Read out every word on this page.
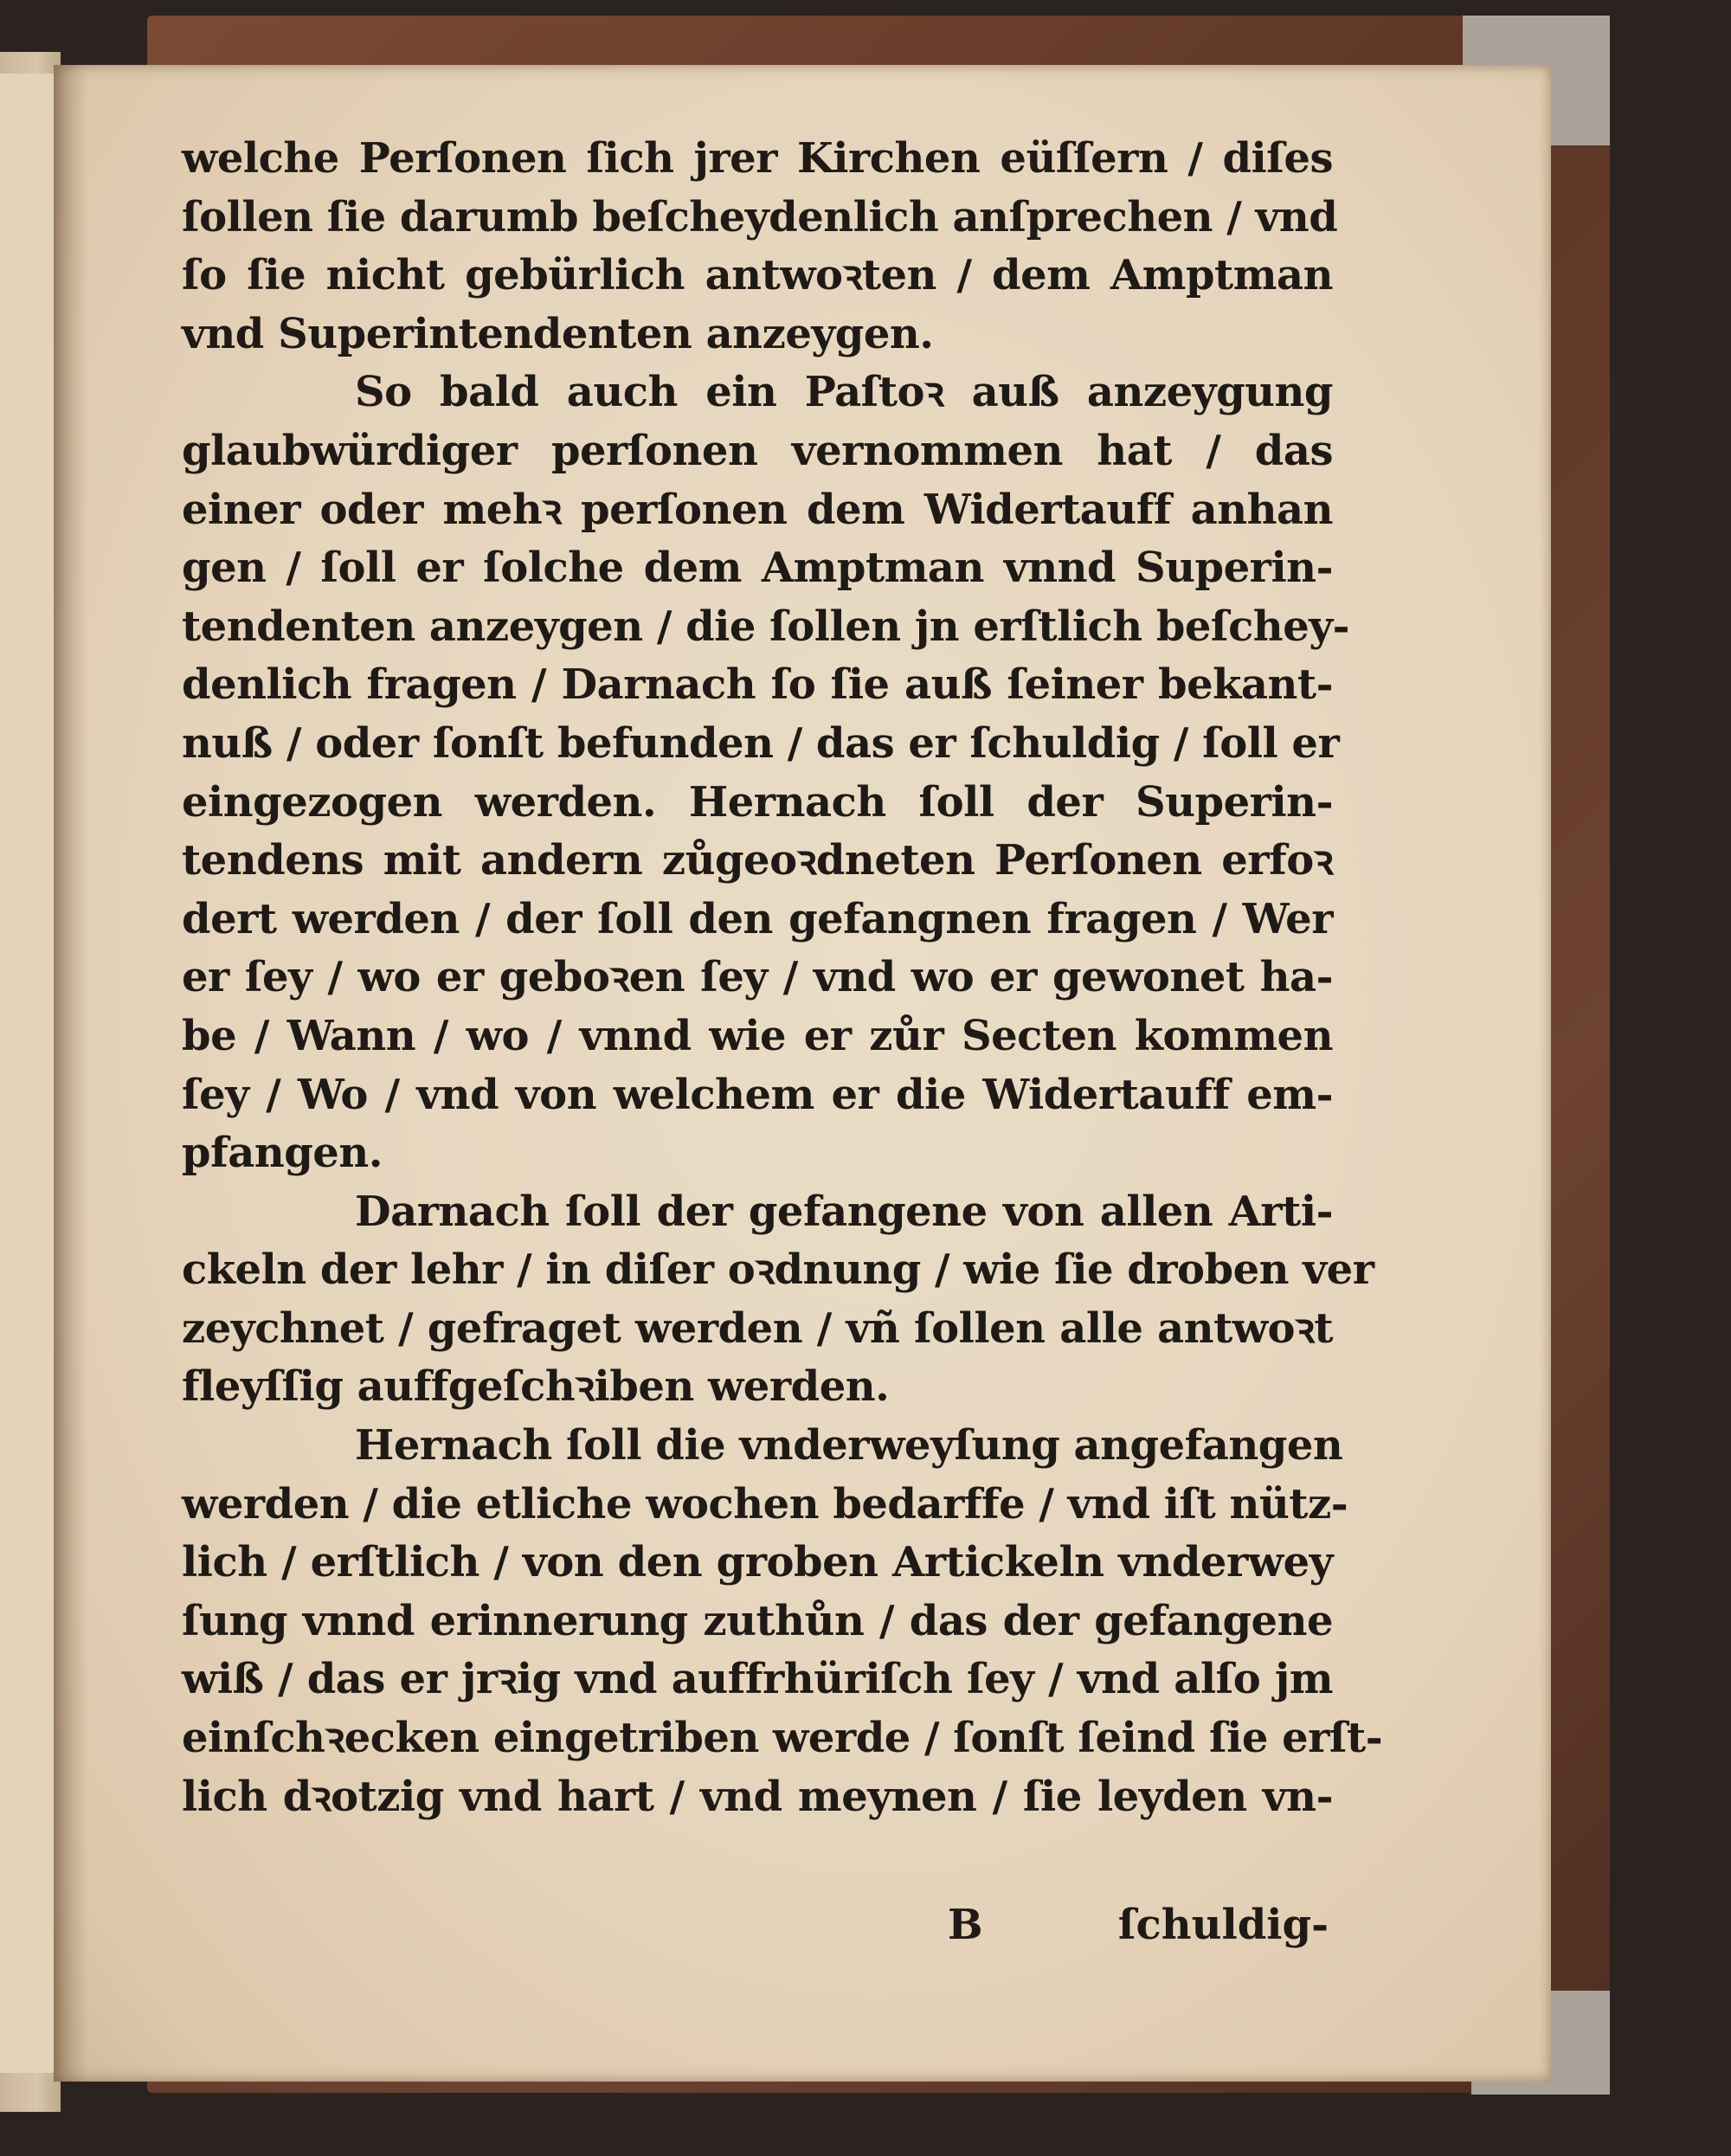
welche Perſonen ſich jrer Kirchen eüſſern / diſes
ſollen ſie darumb beſcheydenlich anſprechen / vnd
ſo ſie nicht gebürlich antwoꝛten / dem Amptman
vnd Superintendenten anzeygen.
So bald auch ein Paſtoꝛ auß anzeygung
glaubwürdiger perſonen vernommen hat / das
einer oder mehꝛ perſonen dem Widertauff anhan
gen / ſoll er ſolche dem Amptman vnnd Superin-
tendenten anzeygen / die ſollen jn erſtlich beſchey-
denlich fragen / Darnach ſo ſie auß ſeiner bekant-
nuß / oder ſonſt befunden / das er ſchuldig / ſoll er
eingezogen werden. Hernach ſoll der Superin-
tendens mit andern zůgeoꝛdneten Perſonen erfoꝛ
dert werden / der ſoll den gefangnen fragen / Wer
er ſey / wo er geboꝛen ſey / vnd wo er gewonet ha-
be / Wann / wo / vnnd wie er zůr Secten kommen
ſey / Wo / vnd von welchem er die Widertauff em-
pfangen.
Darnach ſoll der gefangene von allen Arti-
ckeln der lehr / in diſer oꝛdnung / wie ſie droben ver
zeychnet / gefraget werden / vñ ſollen alle antwoꝛt
fleyſſig auffgeſchꝛiben werden.
Hernach ſoll die vnderweyſung angefangen
werden / die etliche wochen bedarffe / vnd iſt nütz-
lich / erſtlich / von den groben Artickeln vnderwey
ſung vnnd erinnerung zuthůn / das der gefangene
wiß / das er jrꝛig vnd auffrhüriſch ſey / vnd alſo jm
einſchꝛecken eingetriben werde / ſonſt ſeind ſie erſt-
lich dꝛotzig vnd hart / vnd meynen / ſie leyden vn-
B	ſchuldig-
